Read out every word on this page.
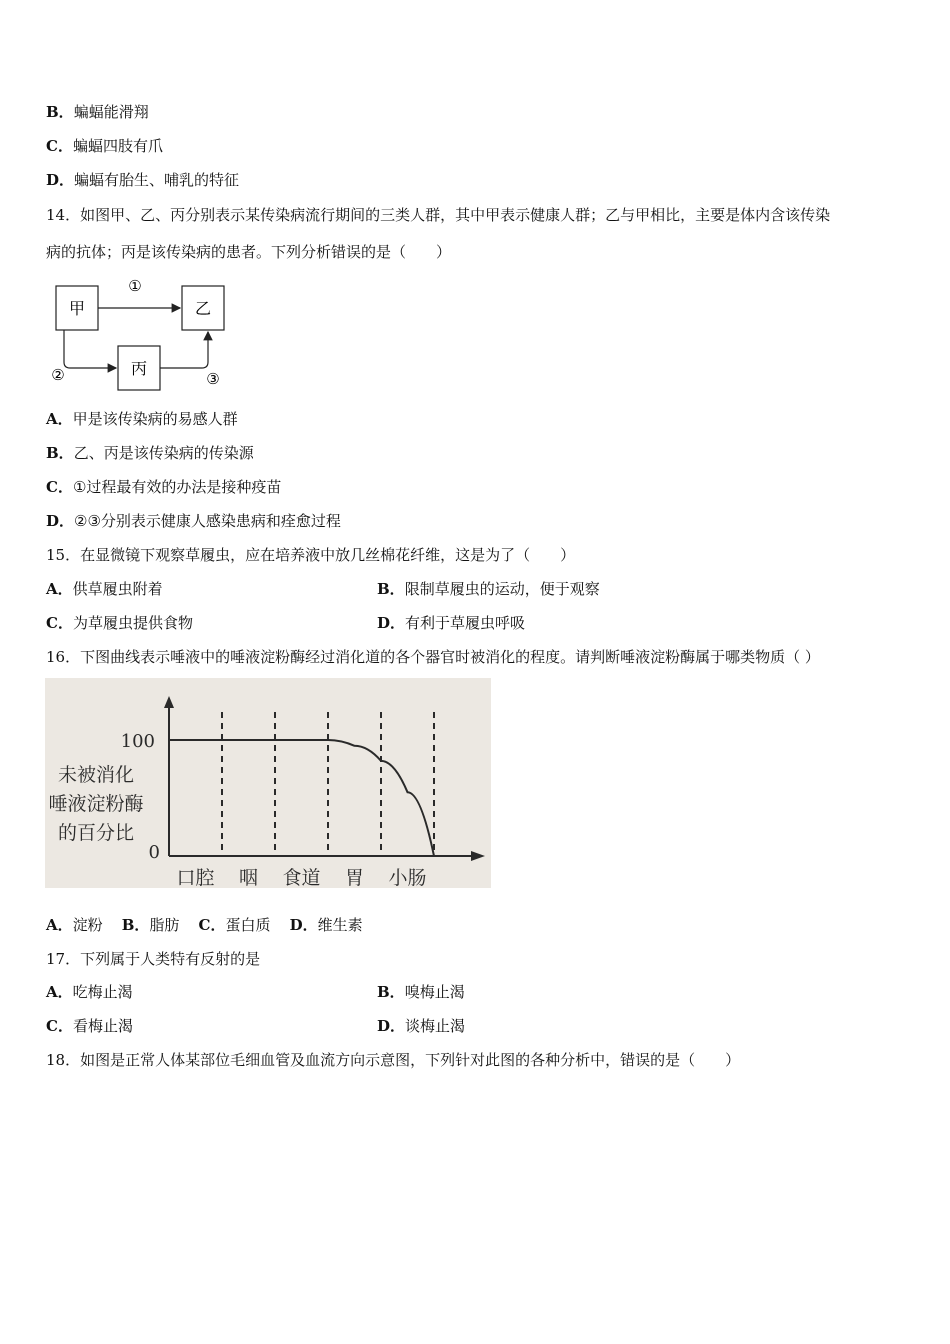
B．蝙蝠能滑翔
C．蝙蝠四肢有爪
D．蝙蝠有胎生、哺乳的特征
14．如图甲、乙、丙分别表示某传染病流行期间的三类人群，其中甲表示健康人群；乙与甲相比，主要是体内含该传染
病的抗体；丙是该传染病的患者。下列分析错误的是（　　）
甲	乙
丙
①
②	③
A．甲是该传染病的易感人群
B．乙、丙是该传染病的传染源
C．①过程最有效的办法是接种疫苗
D．②③分别表示健康人感染患病和痊愈过程
15．在显微镜下观察草履虫，应在培养液中放几丝棉花纤维，这是为了（　　）
A．供草履虫附着	B．限制草履虫的运动，便于观察
C．为草履虫提供食物	D．有利于草履虫呼吸
16．下图曲线表示唾液中的唾液淀粉酶经过消化道的各个器官时被消化的程度。请判断唾液淀粉酶属于哪类物质（ ）
口腔 咽 食道 胃 小肠
100
0
未被消化
唾液淀粉酶
的百分比
A．淀粉 B．脂肪 C．蛋白质 D．维生素
17．下列属于人类特有反射的是
A．吃梅止渴	B．嗅梅止渴
C．看梅止渴	D．谈梅止渴
18．如图是正常人体某部位毛细血管及血流方向示意图，下列针对此图的各种分析中，错误的是（　　）
